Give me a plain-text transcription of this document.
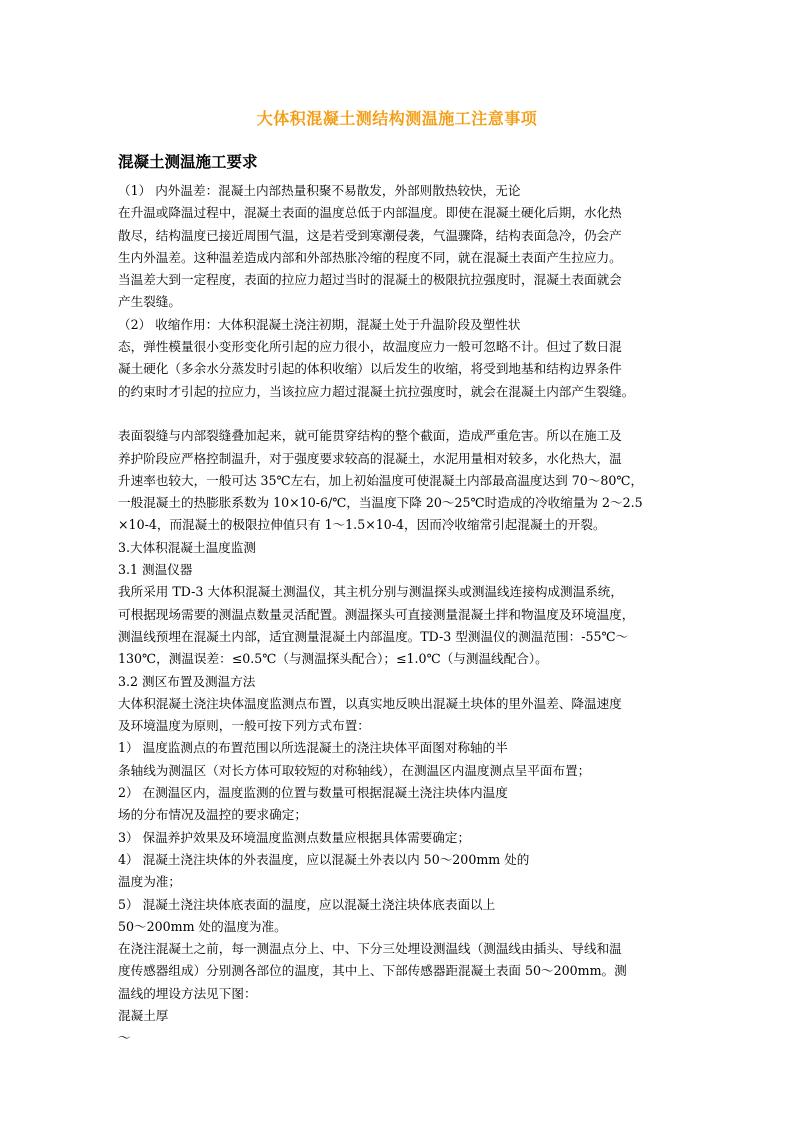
大体积混凝土测结构测温施工注意事项
混凝土测温施工要求

（1） 内外温差：混凝土内部热量积聚不易散发，外部则散热较快，无论

在升温或降温过程中，混凝土表面的温度总低于内部温度。即使在混凝土硬化后期，水化热

散尽，结构温度已接近周围气温，这是若受到寒潮侵袭，气温骤降，结构表面急冷，仍会产

生内外温差。这种温差造成内部和外部热胀冷缩的程度不同，就在混凝土表面产生拉应力。

当温差大到一定程度，表面的拉应力超过当时的混凝土的极限抗拉强度时，混凝土表面就会

产生裂缝。

（2） 收缩作用：大体积混凝土浇注初期，混凝土处于升温阶段及塑性状

态，弹性模量很小变形变化所引起的应力很小，故温度应力一般可忽略不计。但过了数日混

凝土硬化（多余水分蒸发时引起的体积收缩）以后发生的收缩，将受到地基和结构边界条件

的约束时才引起的拉应力，当该拉应力超过混凝土抗拉强度时，就会在混凝土内部产生裂缝。

表面裂缝与内部裂缝叠加起来，就可能贯穿结构的整个截面，造成严重危害。所以在施工及

养护阶段应严格控制温升，对于强度要求较高的混凝土，水泥用量相对较多，水化热大，温

升速率也较大，一般可达 35℃左右，加上初始温度可使混凝土内部最高温度达到 70～80℃，

一般混凝土的热膨胀系数为 10×10-6/℃，当温度下降 20～25℃时造成的冷收缩量为 2～2.5

×10-4，而混凝土的极限拉伸值只有 1～1.5×10-4，因而冷收缩常引起混凝土的开裂。

3.大体积混凝土温度监测

3.1 测温仪器

我所采用 TD-3 大体积混凝土测温仪，其主机分别与测温探头或测温线连接构成测温系统，

可根据现场需要的测温点数量灵活配置。测温探头可直接测量混凝土拌和物温度及环境温度，

测温线预埋在混凝土内部，适宜测量混凝土内部温度。TD-3 型测温仪的测温范围：-55℃～

130℃，测温误差：≤0.5℃（与测温探头配合）；≤1.0℃（与测温线配合）。

3.2 测区布置及测温方法

大体积混凝土浇注块体温度监测点布置，以真实地反映出混凝土块体的里外温差、降温速度

及环境温度为原则，一般可按下列方式布置：

1） 温度监测点的布置范围以所选混凝土的浇注块体平面图对称轴的半

条轴线为测温区（对长方体可取较短的对称轴线），在测温区内温度测点呈平面布置；

2） 在测温区内，温度监测的位置与数量可根据混凝土浇注块体内温度

场的分布情况及温控的要求确定；

3） 保温养护效果及环境温度监测点数量应根据具体需要确定；

4） 混凝土浇注块体的外表温度，应以混凝土外表以内 50～200mm 处的

温度为准；

5） 混凝土浇注块体底表面的温度，应以混凝土浇注块体底表面以上

50～200mm 处的温度为准。

在浇注混凝土之前，每一测温点分上、中、下分三处埋设测温线（测温线由插头、导线和温

度传感器组成）分别测各部位的温度，其中上、下部传感器距混凝土表面 50～200mm。测

温线的埋设方法见下图：

混凝土厚

～
